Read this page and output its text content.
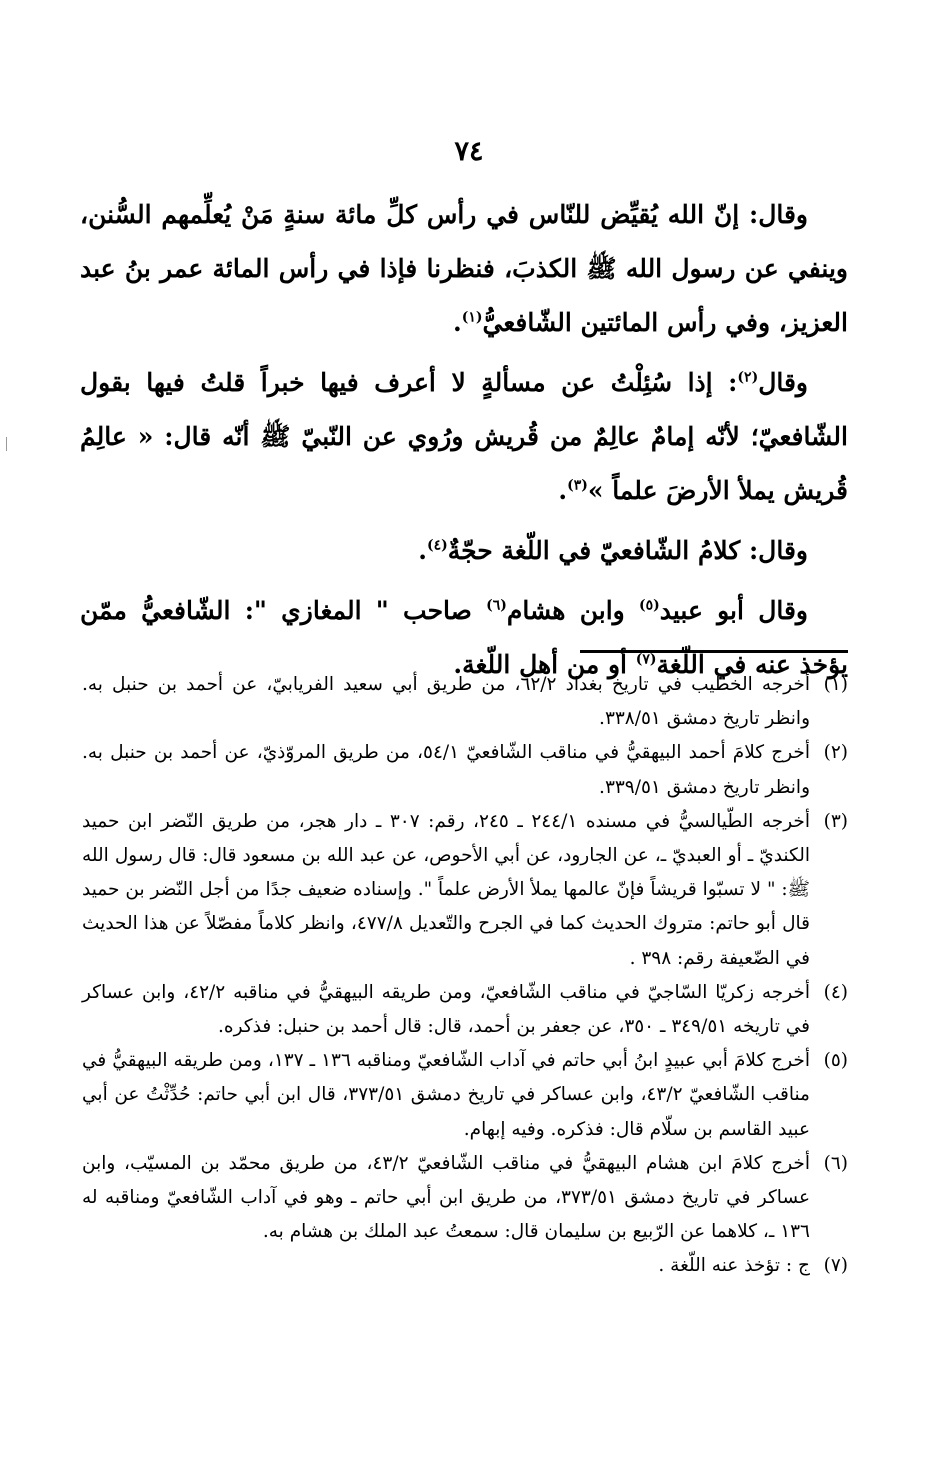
٧٤

وقال: إنّ الله يُقيِّض للنّاس في رأس كلِّ مائة سنةٍ مَنْ يُعلِّمهم السُّنن، وينفي عن رسول الله ﷺ الكذبَ، فنظرنا فإذا في رأس المائة عمر بنُ عبد العزيز، وفي رأس المائتين الشّافعيُّ$^{(١)}$.

وقال$^{(٢)}$: إذا سُئِلْتُ عن مسألةٍ لا أعرف فيها خبراً قلتُ فيها بقول الشّافعيّ؛ لأنّه إمامٌ عالِمٌ من قُريش ورُوي عن النّبيّ ﷺ أنّه قال: « عالِمُ قُريش يملأ الأرضَ علماً »$^{(٣)}$.

وقال: كلامُ الشّافعيّ في اللّغة حجّةٌ$^{(٤)}$.

وقال أبو عبيد$^{(٥)}$ وابن هشام$^{(٦)}$ صاحب " المغازي ": الشّافعيُّ ممّن يؤخذ عنه في اللّغة$^{(٧)}$ أو من أهل اللّغة.

(١)
أخرجه الخطيب في تاريخ بغداد ٦٢/٢، من طريق أبي سعيد الفريابيّ، عن أحمد بن حنبل به. وانظر تاريخ دمشق ٣٣٨/٥١.

(٢)
أخرج كلامَ أحمد البيهقيُّ في مناقب الشّافعيّ ٥٤/١، من طريق المروّذيّ، عن أحمد بن حنبل به. وانظر تاريخ دمشق ٣٣٩/٥١.

(٣)
أخرجه الطّيالسيُّ في مسنده ٢٤٤/١ ـ ٢٤٥، رقم: ٣٠٧ ـ دار هجر، من طريق النّضر ابن حميد الكنديّ ـ أو العبديّ ـ، عن الجارود، عن أبي الأحوص، عن عبد الله بن مسعود قال: قال رسول الله ﷺ: " لا تسبّوا قريشاً فإنّ عالمها يملأ الأرض علماً ". وإسناده ضعيف جدًا من أجل النّضر بن حميد قال أبو حاتم: متروك الحديث كما في الجرح والتّعديل ٤٧٧/٨، وانظر كلاماً مفصّلاً عن هذا الحديث في الضّعيفة رقم: ٣٩٨ .

(٤)
أخرجه زكريّا السّاجيّ في مناقب الشّافعيّ، ومن طريقه البيهقيُّ في مناقبه ٤٢/٢، وابن عساكر في تاريخه ٣٤٩/٥١ ـ ٣٥٠، عن جعفر بن أحمد، قال: قال أحمد بن حنبل: فذكره.

(٥)
أخرج كلامَ أبي عبيدٍ ابنُ أبي حاتم في آداب الشّافعيّ ومناقبه ١٣٦ ـ ١٣٧، ومن طريقه البيهقيُّ في مناقب الشّافعيّ ٤٣/٢، وابن عساكر في تاريخ دمشق ٣٧٣/٥١، قال ابن أبي حاتم: حُدِّثْتُ عن أبي عبيد القاسم بن سلّام قال: فذكره. وفيه إبهام.

(٦)
أخرج كلامَ ابن هشام البيهقيُّ في مناقب الشّافعيّ ٤٣/٢، من طريق محمّد بن المسيّب، وابن عساكر في تاريخ دمشق ٣٧٣/٥١، من طريق ابن أبي حاتم ـ وهو في آداب الشّافعيّ ومناقبه له ١٣٦ ـ، كلاهما عن الرّبيع بن سليمان قال: سمعتُ عبد الملك بن هشام به.

(٧)
ج : تؤخذ عنه اللّغة .
